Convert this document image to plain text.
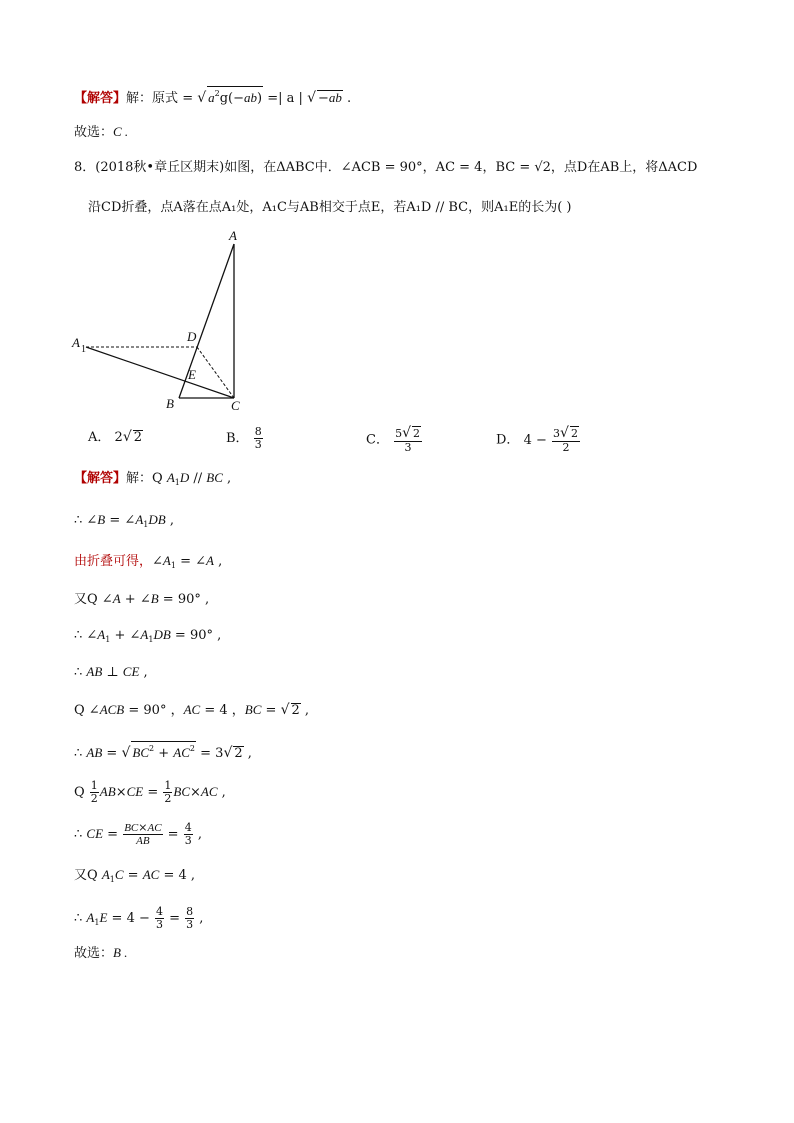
【解答】解：原式 = √ $a^2g(-ab)$ =| a | √ −ab .
故选：C .
8．(2018秋•章丘区期末)如图，在ΔABC中．∠ACB = 90°，AC = 4，BC = √2，点D在AB上，将ΔACD
沿CD折叠，点A落在点A₁处，A₁C与AB相交于点E，若A₁D // BC，则A₁E的长为( )
A
A 1
D
E
B	C
A． 2√ 2	B． $\frac{8}{3}$	C． $\frac{5√ 2}{3}$	D． $4 - \frac{3√ 2}{2}$
【解答】解：Q $A_1D$ // BC ,
∴ ∠B = $\angle A_1DB$ ,
由折叠可得，$\angle A_1$ = ∠A ,
又Q ∠A + ∠B = 90° ,
∴ $\angle A_1$ + $\angle A_1DB = 90^\circ$ ,
∴ AB ⊥ CE ,
Q ∠ACB = 90° ，AC = 4 ，BC = √ 2 ,
∴ AB = √ $BC^2 + AC^2 = 3√$ 2 ,
Q $\frac{1}{2} AB\times CE = \frac{1}{2} BC\times AC$ ,
∴ CE = $\frac{BC\times AC}{AB} = \frac{4}{3}$ ,
又Q $A_1C$ = AC = 4 ,
∴ $A_1E = 4 - \frac{4}{3} = \frac{8}{3}$ ,
故选：B .
